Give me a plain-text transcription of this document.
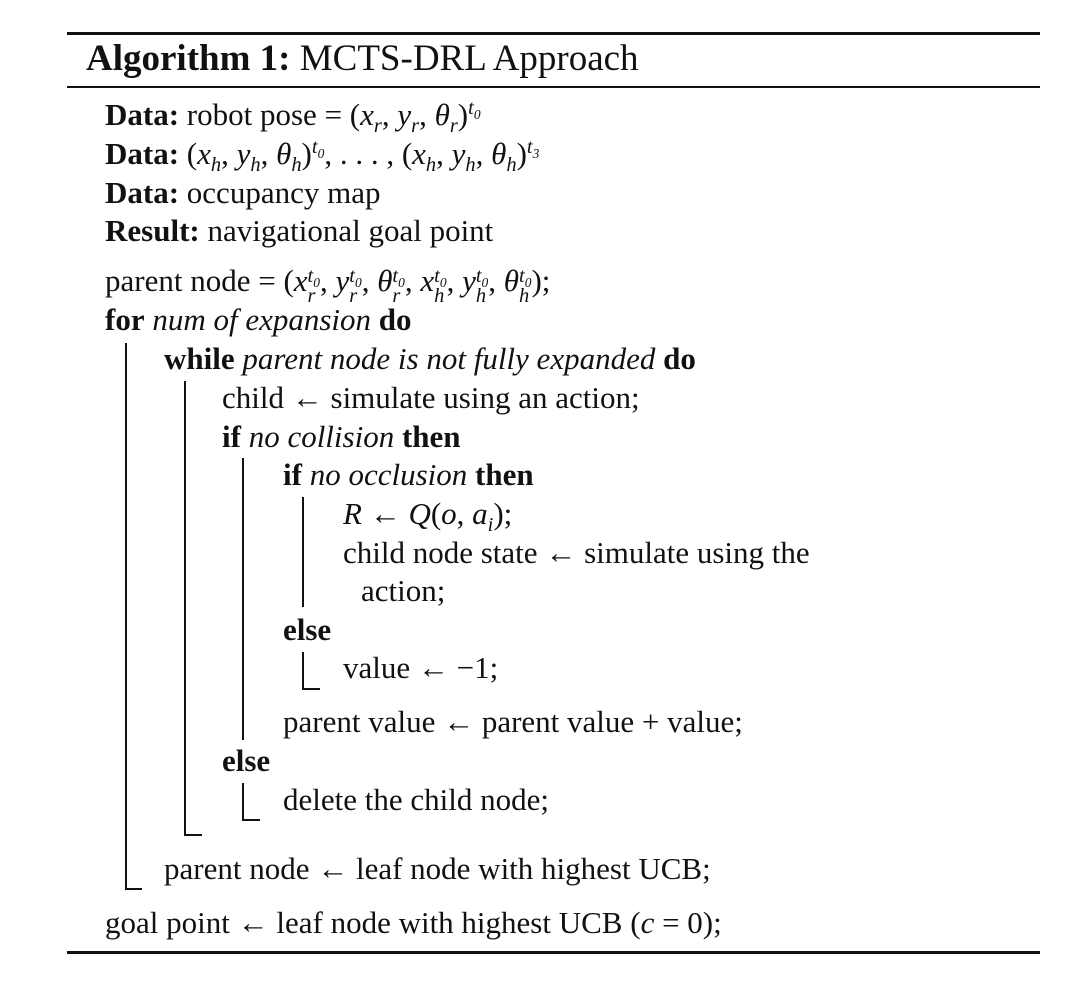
Algorithm 1: MCTS-DRL Approach
Data: robot pose = ($x_r$, $y_r$, $\theta_r)^{t_0}$
Data: ($x_h$, $y_h$, $\theta_h)^{t_0}$, . . . , ($x_h$, $y_h$, $\theta_h)^{t_3}$
Data: occupancy map
Result: navigational goal point
parent node = (x $t_0$
r , y $t_0$
r , θ $t_0$
r , x $t_0$
h , y $t_0$
h , θ $t_0$
h );
for num of expansion do
while parent node is not fully expanded do
child ← simulate using an action;
if no collision then
if no occlusion then
R ← Q(o, $a_i$);
child node state ← simulate using the
action;
else
value ← −1;
parent value ← parent value + value;
else
delete the child node;
parent node ← leaf node with highest UCB;
goal point ← leaf node with highest UCB (c = 0);
